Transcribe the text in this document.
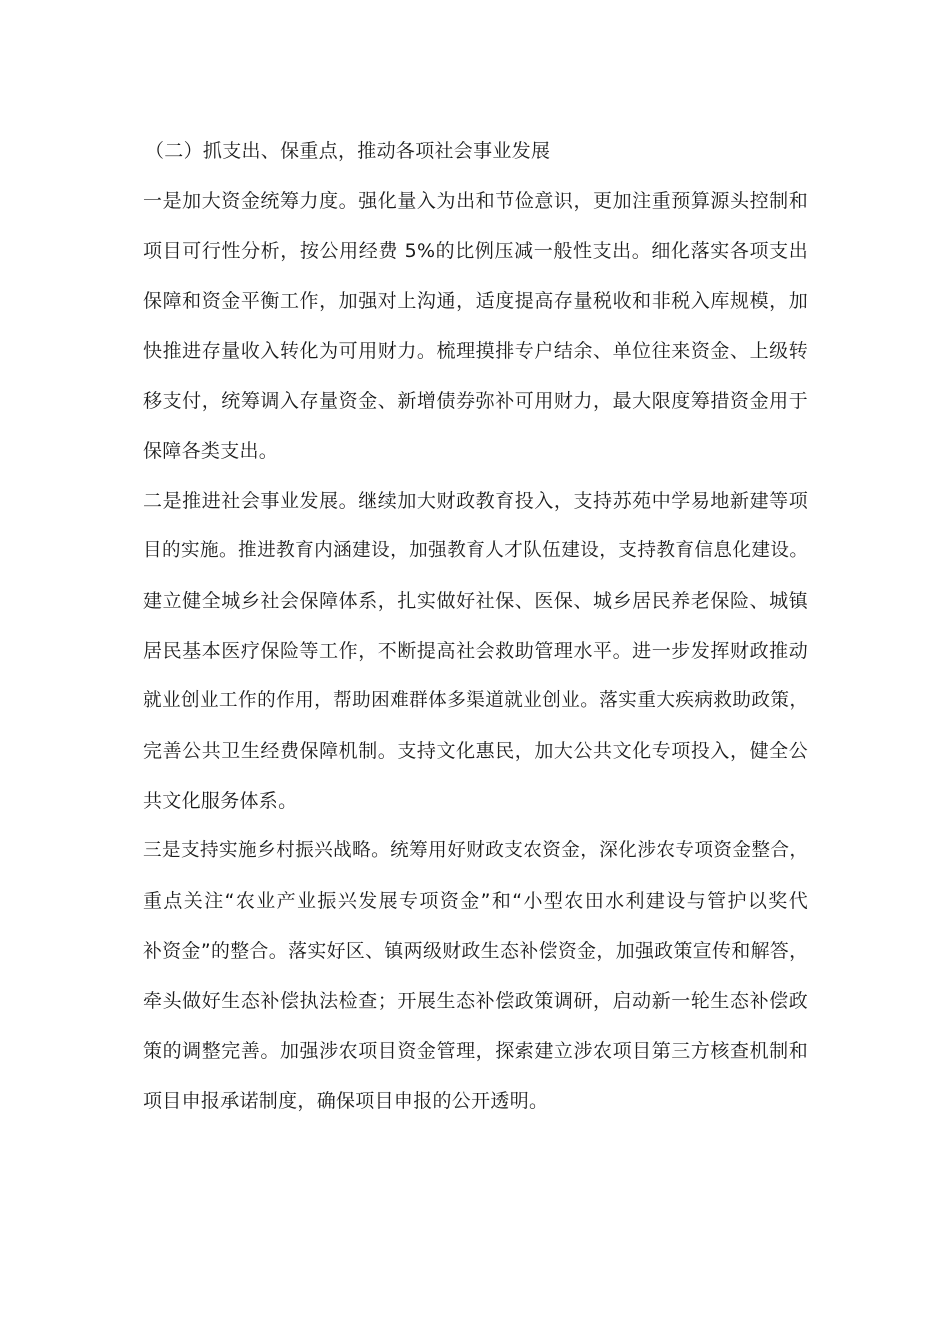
（二）抓支出、保重点，推动各项社会事业发展
一是加大资金统筹力度。强化量入为出和节俭意识，更加注重预算源头控制和
项目可行性分析，按公用经费 5%的比例压减一般性支出。细化落实各项支出
保障和资金平衡工作，加强对上沟通，适度提高存量税收和非税入库规模，加
快推进存量收入转化为可用财力。梳理摸排专户结余、单位往来资金、上级转
移支付，统筹调入存量资金、新增债券弥补可用财力，最大限度筹措资金用于
保障各类支出。
二是推进社会事业发展。继续加大财政教育投入，支持苏苑中学易地新建等项
目的实施。推进教育内涵建设，加强教育人才队伍建设，支持教育信息化建设。
建立健全城乡社会保障体系，扎实做好社保、医保、城乡居民养老保险、城镇
居民基本医疗保险等工作，不断提高社会救助管理水平。进一步发挥财政推动
就业创业工作的作用，帮助困难群体多渠道就业创业。落实重大疾病救助政策，
完善公共卫生经费保障机制。支持文化惠民，加大公共文化专项投入，健全公
共文化服务体系。
三是支持实施乡村振兴战略。统筹用好财政支农资金，深化涉农专项资金整合，
重点关注“农业产业振兴发展专项资金”和“小型农田水利建设与管护以奖代
补资金”的整合。落实好区、镇两级财政生态补偿资金，加强政策宣传和解答，
牵头做好生态补偿执法检查；开展生态补偿政策调研，启动新一轮生态补偿政
策的调整完善。加强涉农项目资金管理，探索建立涉农项目第三方核查机制和
项目申报承诺制度，确保项目申报的公开透明。
